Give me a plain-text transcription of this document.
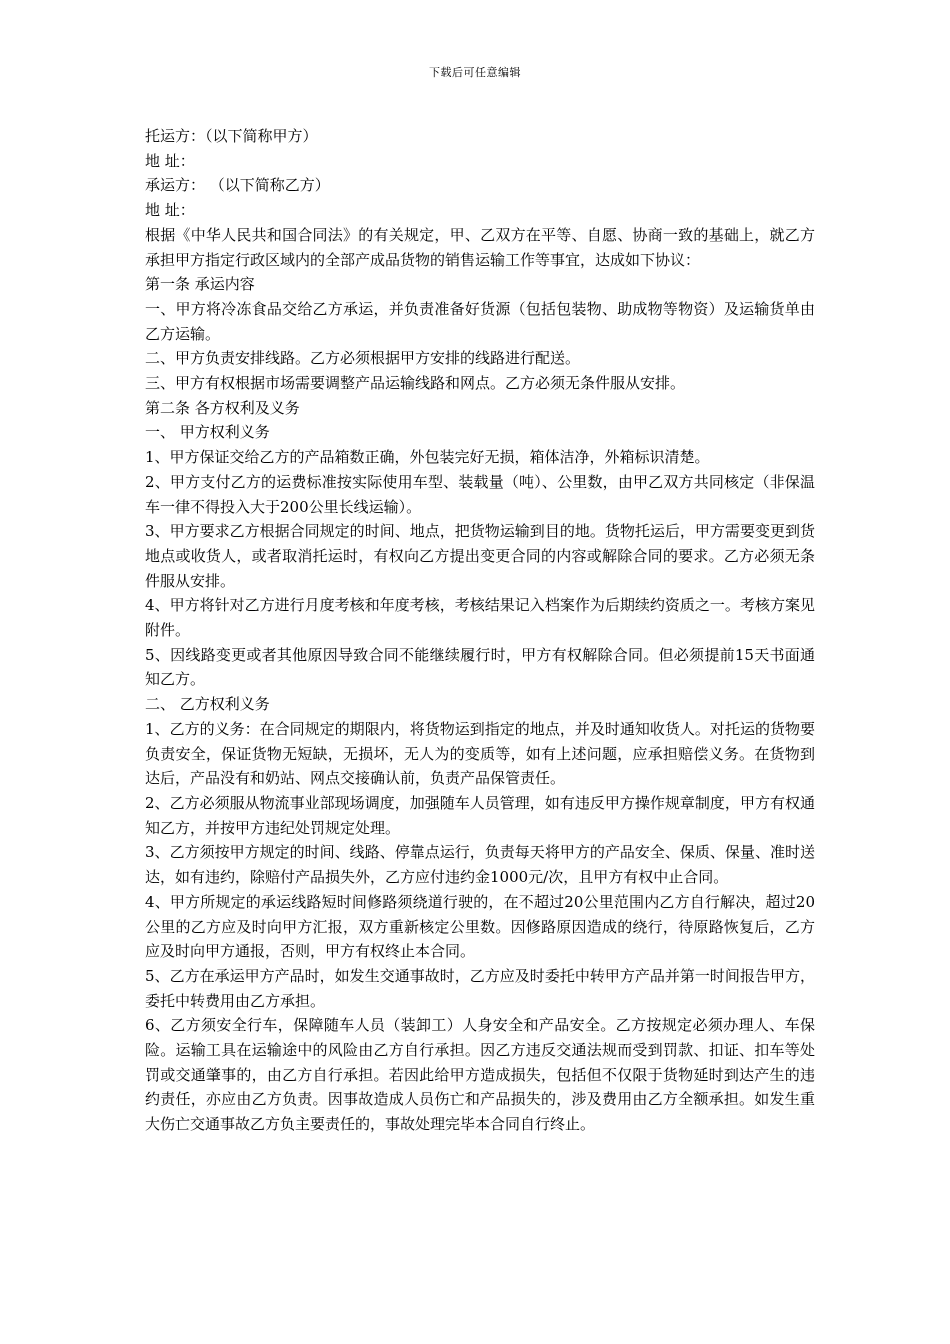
下载后可任意编辑

托运方：（以下简称甲方）

地 址：

承运方： （以下简称乙方）

地 址：

根据《中华人民共和国合同法》的有关规定，甲、乙双方在平等、自愿、协商一致的基础上，就乙方承担甲方指定行政区域内的全部产成品货物的销售运输工作等事宜，达成如下协议：

第一条 承运内容

一、甲方将冷冻食品交给乙方承运，并负责准备好货源（包括包装物、助成物等物资）及运输货单由乙方运输。

二、甲方负责安排线路。乙方必须根据甲方安排的线路进行配送。

三、甲方有权根据市场需要调整产品运输线路和网点。乙方必须无条件服从安排。

第二条 各方权利及义务

一、 甲方权利义务

1、甲方保证交给乙方的产品箱数正确，外包装完好无损，箱体洁净，外箱标识清楚。

2、甲方支付乙方的运费标准按实际使用车型、装载量（吨）、公里数，由甲乙双方共同核定（非保温车一律不得投入大于200公里长线运输）。

3、甲方要求乙方根据合同规定的时间、地点，把货物运输到目的地。货物托运后，甲方需要变更到货地点或收货人，或者取消托运时，有权向乙方提出变更合同的内容或解除合同的要求。乙方必须无条件服从安排。

4、甲方将针对乙方进行月度考核和年度考核，考核结果记入档案作为后期续约资质之一。考核方案见附件。

5、因线路变更或者其他原因导致合同不能继续履行时，甲方有权解除合同。但必须提前15天书面通知乙方。

二、 乙方权利义务

1、乙方的义务：在合同规定的期限内，将货物运到指定的地点，并及时通知收货人。对托运的货物要负责安全，保证货物无短缺，无损坏，无人为的变质等，如有上述问题，应承担赔偿义务。在货物到达后，产品没有和奶站、网点交接确认前，负责产品保管责任。

2、乙方必须服从物流事业部现场调度，加强随车人员管理，如有违反甲方操作规章制度，甲方有权通知乙方，并按甲方违纪处罚规定处理。

3、乙方须按甲方规定的时间、线路、停靠点运行，负责每天将甲方的产品安全、保质、保量、准时送达，如有违约，除赔付产品损失外，乙方应付违约金1000元/次，且甲方有权中止合同。

4、甲方所规定的承运线路短时间修路须绕道行驶的，在不超过20公里范围内乙方自行解决，超过20公里的乙方应及时向甲方汇报，双方重新核定公里数。因修路原因造成的绕行，待原路恢复后，乙方应及时向甲方通报，否则，甲方有权终止本合同。

5、乙方在承运甲方产品时，如发生交通事故时，乙方应及时委托中转甲方产品并第一时间报告甲方，委托中转费用由乙方承担。

6、乙方须安全行车，保障随车人员（装卸工）人身安全和产品安全。乙方按规定必须办理人、车保险。运输工具在运输途中的风险由乙方自行承担。因乙方违反交通法规而受到罚款、扣证、扣车等处罚或交通肇事的，由乙方自行承担。若因此给甲方造成损失，包括但不仅限于货物延时到达产生的违约责任，亦应由乙方负责。因事故造成人员伤亡和产品损失的，涉及费用由乙方全额承担。如发生重大伤亡交通事故乙方负主要责任的，事故处理完毕本合同自行终止。
